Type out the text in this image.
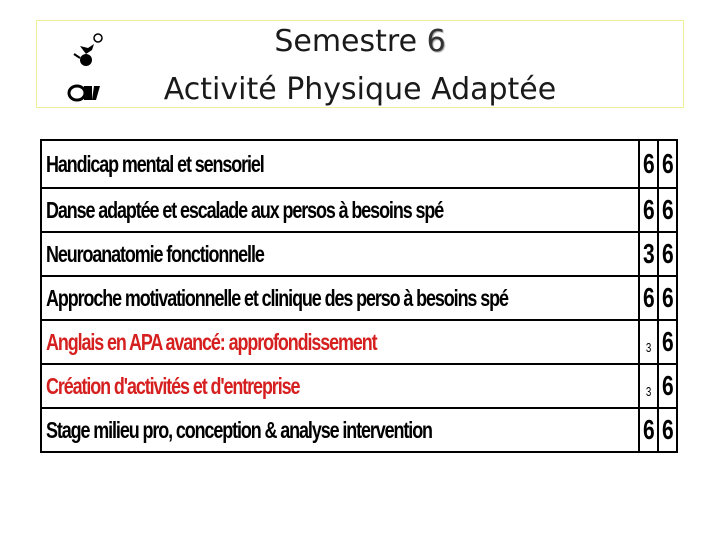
Semestre 6
Activité Physique Adaptée
Handicap mental et sensoriel	6	6
Danse adaptée et escalade aux persos à besoins spé	6	6
Neuroanatomie fonctionnelle	3	6
Approche motivationnelle et clinique des perso à besoins spé	6	6
Anglais en APA avancé: approfondissement	3	6
Création d'activités et d'entreprise	3	6
Stage milieu pro, conception & analyse intervention	6	6
